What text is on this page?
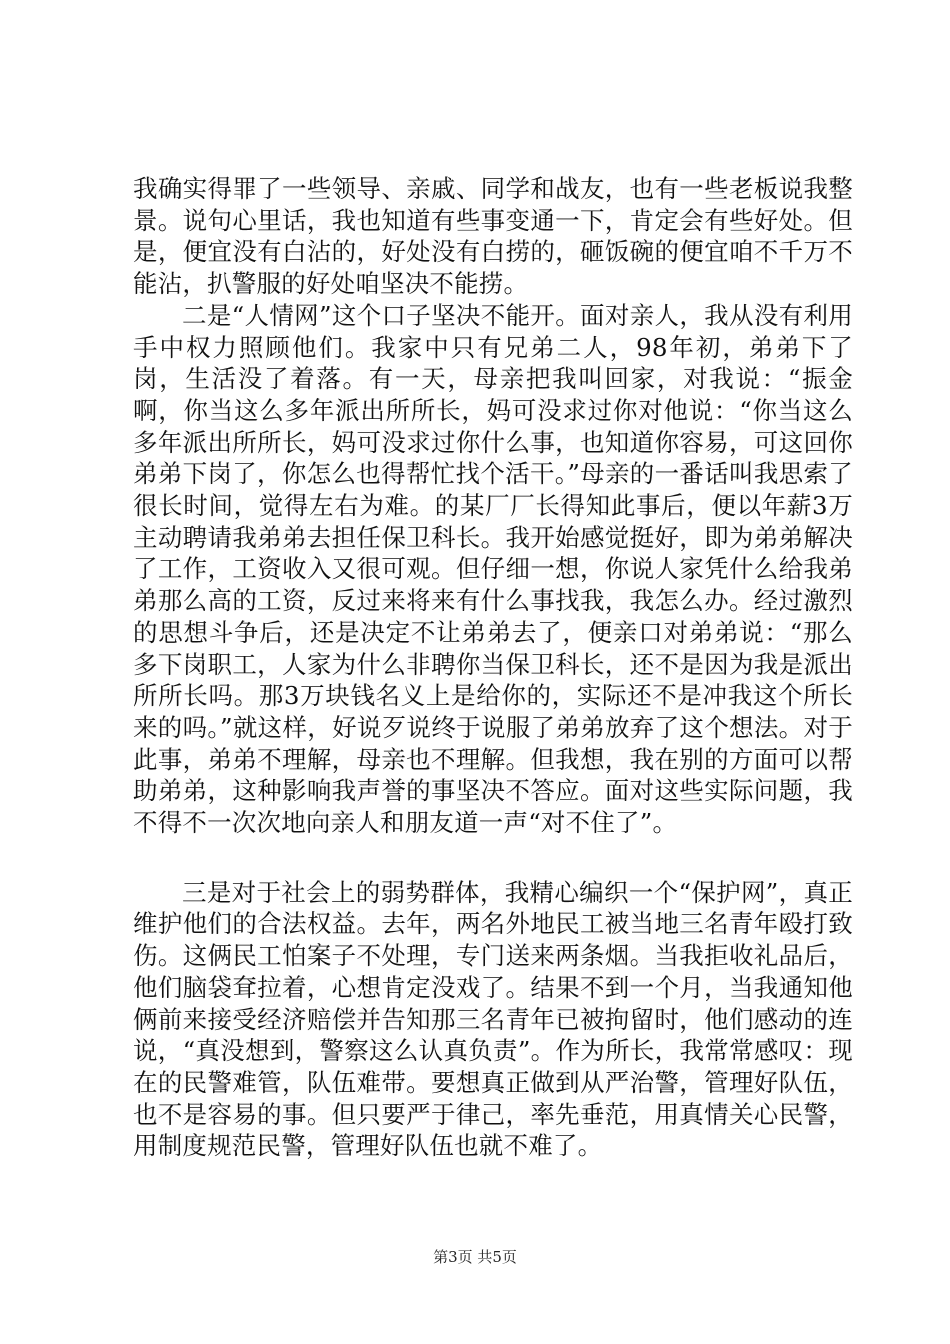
我确实得罪了一些领导、亲戚、同学和战友，也有一些老板说我整景。说句心里话，我也知道有些事变通一下，肯定会有些好处。但是，便宜没有白沾的，好处没有白捞的，砸饭碗的便宜咱不千万不能沾，扒警服的好处咱坚决不能捞。

二是“人情网”这个口子坚决不能开。面对亲人，我从没有利用手中权力照顾他们。我家中只有兄弟二人，98年初，弟弟下了岗，生活没了着落。有一天，母亲把我叫回家，对我说：“振金啊，你当这么多年派出所所长，妈可没求过你对他说：“你当这么多年派出所所长，妈可没求过你什么事，也知道你容易，可这回你弟弟下岗了，你怎么也得帮忙找个活干。”母亲的一番话叫我思索了很长时间，觉得左右为难。的某厂厂长得知此事后，便以年薪3万主动聘请我弟弟去担任保卫科长。我开始感觉挺好，即为弟弟解决了工作，工资收入又很可观。但仔细一想，你说人家凭什么给我弟弟那么高的工资，反过来将来有什么事找我，我怎么办。经过激烈的思想斗争后，还是决定不让弟弟去了，便亲口对弟弟说：“那么多下岗职工，人家为什么非聘你当保卫科长，还不是因为我是派出所所长吗。那3万块钱名义上是给你的，实际还不是冲我这个所长来的吗。”就这样，好说歹说终于说服了弟弟放弃了这个想法。对于此事，弟弟不理解，母亲也不理解。但我想，我在别的方面可以帮助弟弟，这种影响我声誉的事坚决不答应。面对这些实际问题，我不得不一次次地向亲人和朋友道一声“对不住了”。

三是对于社会上的弱势群体，我精心编织一个“保护网”，真正维护他们的合法权益。去年，两名外地民工被当地三名青年殴打致伤。这俩民工怕案子不处理，专门送来两条烟。当我拒收礼品后，他们脑袋耷拉着，心想肯定没戏了。结果不到一个月，当我通知他俩前来接受经济赔偿并告知那三名青年已被拘留时，他们感动的连说，“真没想到，警察这么认真负责”。作为所长，我常常感叹：现在的民警难管，队伍难带。要想真正做到从严治警，管理好队伍，也不是容易的事。但只要严于律己，率先垂范，用真情关心民警，用制度规范民警，管理好队伍也就不难了。

第3页 共5页
